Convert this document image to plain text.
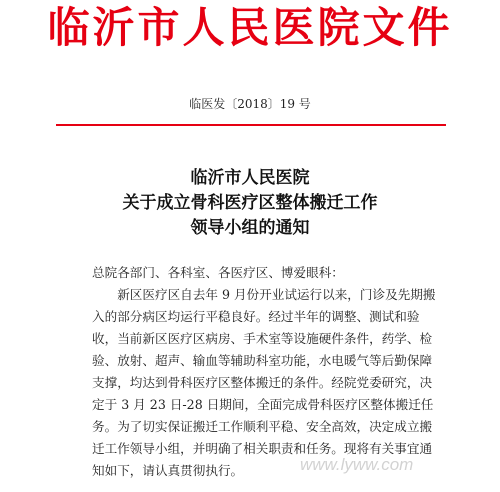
临沂市人民医院文件
临医发〔2018〕19 号
临沂市人民医院
关于成立骨科医疗区整体搬迁工作
领导小组的通知

总院各部门、各科室、各医疗区、博爱眼科：

新区医疗区自去年 9 月份开业试运行以来，门诊及先期搬入的部分病区均运行平稳良好。经过半年的调整、测试和验收，当前新区医疗区病房、手术室等设施硬件条件，药学、检验、放射、超声、输血等辅助科室功能，水电暖气等后勤保障支撑，均达到骨科医疗区整体搬迁的条件。经院党委研究，决定于 3 月 23 日-28 日期间，全面完成骨科医疗区整体搬迁任务。为了切实保证搬迁工作顺利平稳、安全高效，决定成立搬迁工作领导小组，并明确了相关职责和任务。现将有关事宜通知如下，请认真贯彻执行。	www.lyww.com
